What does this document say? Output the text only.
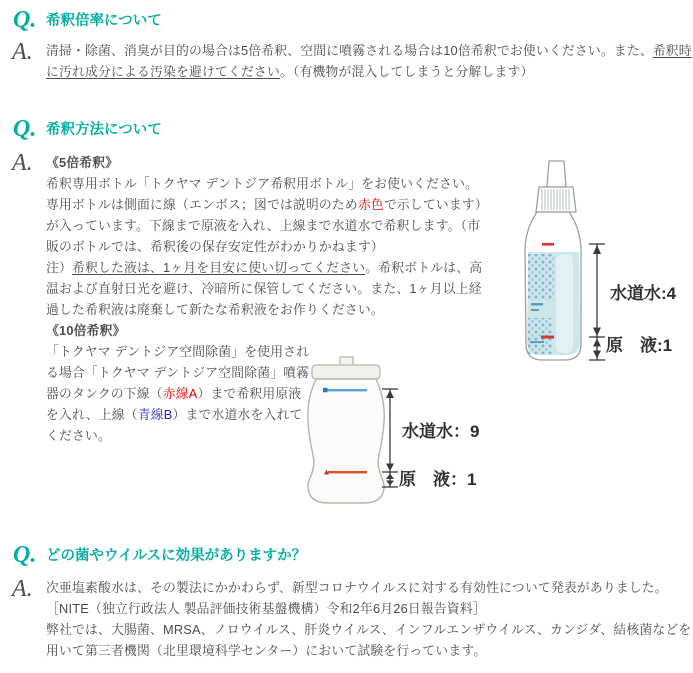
Q. 希釈倍率について
A. 清掃・除菌、消臭が目的の場合は5倍希釈、空間に噴霧される場合は10倍希釈でお使いください。また、希釈時に汚れ成分による汚染を避けてください。（有機物が混入してしまうと分解します）

Q. 希釈方法について
A. 《5倍希釈》

希釈専用ボトル「トクヤマ デントジア希釈用ボトル」をお使いください。専用ボトルは側面に線（エンボス；図では説明のため赤色で示しています）が入っています。下線まで原液を入れ、上線まで水道水で希釈します。（市販のボトルでは、希釈後の保存安定性がわかりかねます）

注）希釈した液は、1ヶ月を目安に使い切ってください。希釈ボトルは、高温および直射日光を避け、冷暗所に保管してください。また、1ヶ月以上経過した希釈液は廃棄して新たな希釈液をお作りください。

《10倍希釈》

「トクヤマ デントジア空間除菌」を使用される場合「トクヤマ デントジア空間除菌」噴霧器のタンクの下線（赤線A）まで希釈用原液を入れ、上線（青線B）まで水道水を入れてください。

水道水:4
原　液:1
水道水：9
原　液：1
Q. どの菌やウイルスに効果がありますか？
A. 次亜塩素酸水は、その製法にかかわらず、新型コロナウイルスに対する有効性について発表がありました。［NITE（独立行政法人 製品評価技術基盤機構）令和2年6月26日報告資料］

弊社では、大腸菌、MRSA、ノロウイルス、肝炎ウイルス、インフルエンザウイルス、カンジダ、結核菌などを用いて第三者機関（北里環境科学センター）において試験を行っています。
